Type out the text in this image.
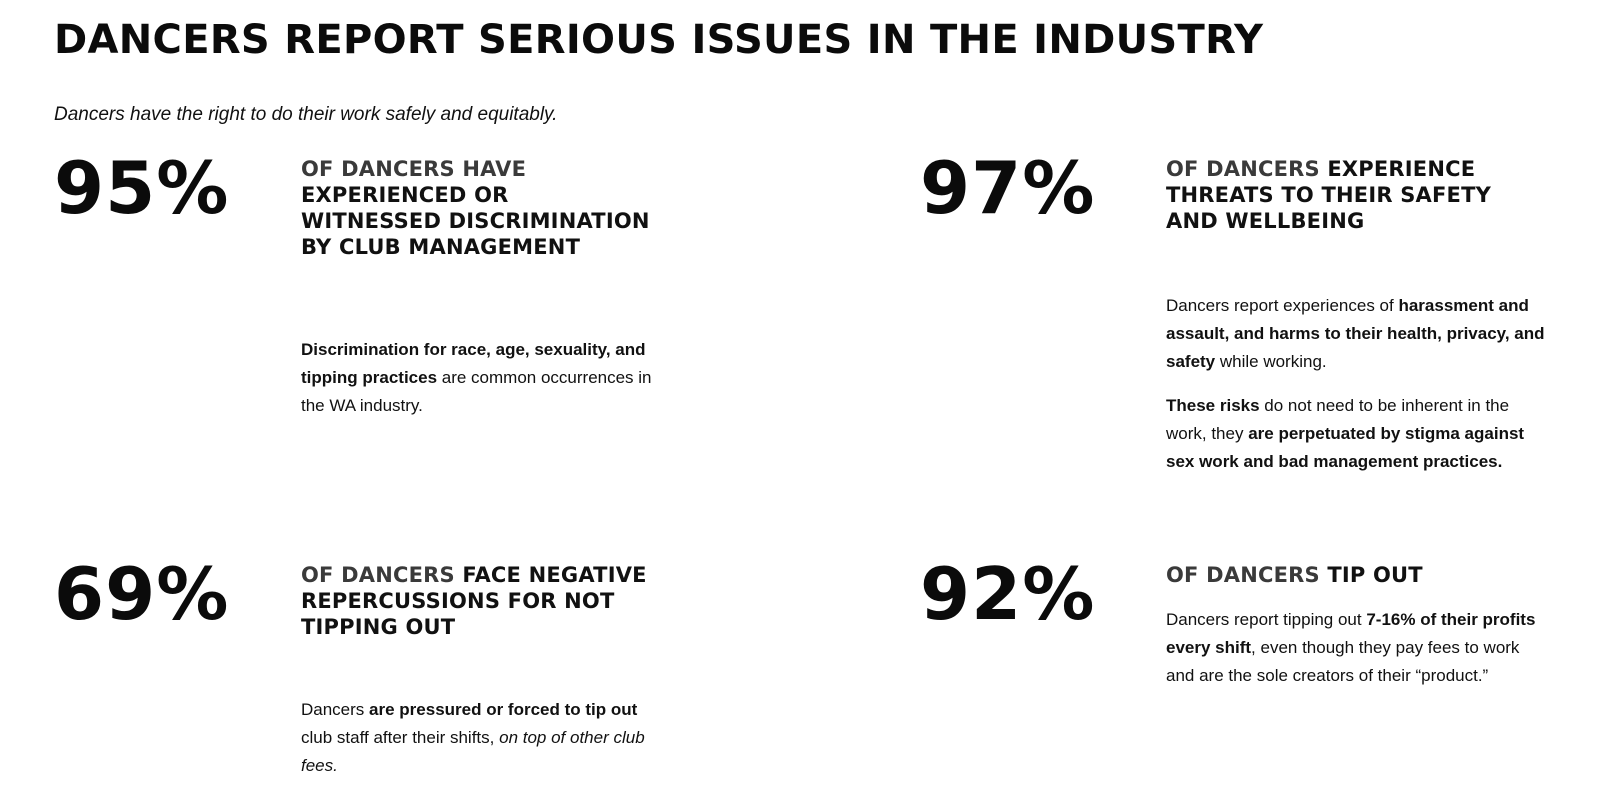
DANCERS REPORT SERIOUS ISSUES IN THE INDUSTRY
Dancers have the right to do their work safely and equitably.
95%	OF DANCERS HAVE EXPERIENCED OR WITNESSED DISCRIMINATION BY CLUB MANAGEMENT

Discrimination for race, age, sexuality, and tipping practices are common occurrences in the WA industry.

97%	OF DANCERS EXPERIENCE THREATS TO THEIR SAFETY AND WELLBEING

Dancers report experiences of harassment and assault, and harms to their health, privacy, and safety while working.

These risks do not need to be inherent in the work, they are perpetuated by stigma against sex work and bad management practices.

69%	OF DANCERS FACE NEGATIVE REPERCUSSIONS FOR NOT TIPPING OUT

Dancers are pressured or forced to tip out club staff after their shifts, on top of other club fees.

92%	OF DANCERS TIP OUT

Dancers report tipping out 7-16% of their profits every shift, even though they pay fees to work and are the sole creators of their “product.”
